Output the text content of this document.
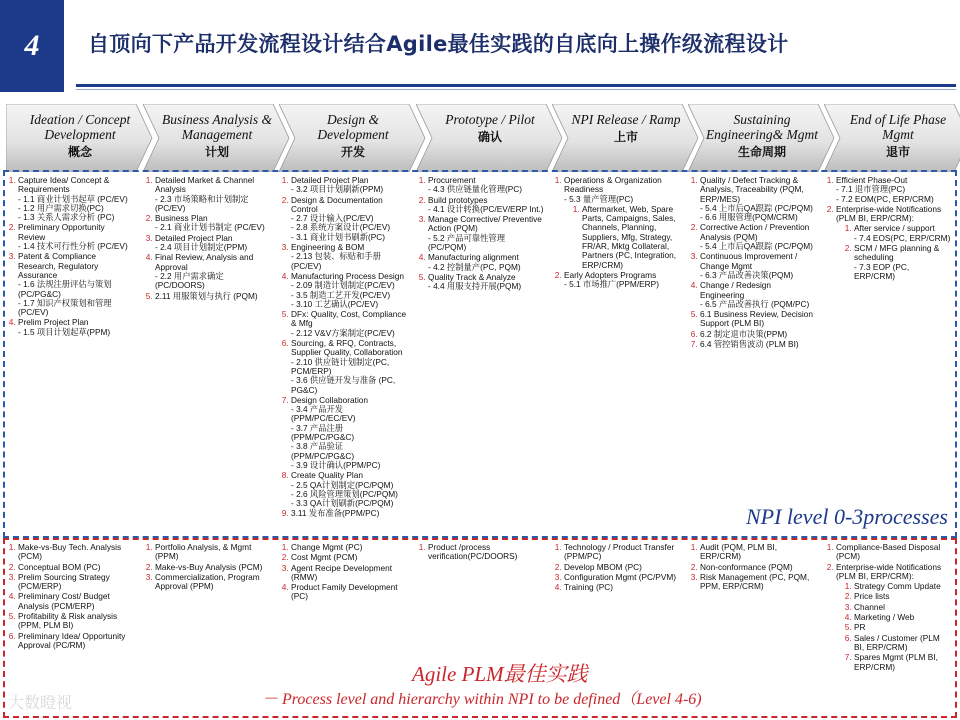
4	自顶向下产品开发流程设计结合Agile最佳实践的自底向上操作级流程设计
Ideation / Concept Development
概念
Business Analysis & Management
计划
Design & Development
开发
Prototype / Pilot
确认
NPI Release / Ramp
上市
Sustaining Engineering& Mgmt
生命周期
End of Life Phase Mgmt
退市
1. Capture Idea/ Concept & Requirements
- 1.1 商业计划书起草 (PC/EV)
- 1.2 用户需求切换(PC)
- 1.3 关系人需求分析 (PC)
2. Preliminary Opportunity Review
- 1.4 技术可行性分析 (PC/EV)
3. Patent & Compliance Research, Regulatory Assurance
- 1.6 法规注册评估与策划 (PC/PG&C)
- 1.7 知识产权策划和管理 (PC/EV)
4. Prelim Project Plan
- 1.5 项目计划起草(PPM)
1. Detailed Market & Channel Analysis
- 2.3 市场策略和计划制定 (PC/EV)
2. Business Plan
- 2.1 商业计划书制定 (PC/EV)
3. Detailed Project Plan
- 2.4 项目计划制定(PPM)
4. Final Review, Analysis and Approval
- 2.2 用户需求确定 (PC/DOORS)
5. 2.11 用服策划与执行 (PQM)
1. Detailed Project Plan
- 3.2 项目计划刷新(PPM)
2. Design & Documentation Control
- 2.7 设计输入(PC/EV)
- 2.8 系统方案设计(PC/EV)
- 3.1 商业计划书刷新(PC)
3. Engineering & BOM
- 2.13 包装、标贴和手册 (PC/EV)
4. Manufacturing Process Design
- 2.09 制造计划制定(PC/EV)
- 3.5 制造工艺开发(PC/EV)
- 3.10 工艺确认(PC/EV)
5. DFx: Quality, Cost, Compliance & Mfg
- 2.12 V&V方案制定(PC/EV)
6. Sourcing, & RFQ, Contracts, Supplier Quality, Collaboration
- 2.10 供应链计划制定(PC, PCM/ERP)
- 3.6 供应链开发与准备 (PC, PG&C)
7. Design Collaboration
- 3.4 产品开发 (PPM/PC/EC/EV)
- 3.7 产品注册 (PPM/PC/PG&C)
- 3.8 产品验证 (PPM/PC/PG&C)
- 3.9 设计确认(PPM/PC)
8. Create Quality Plan
- 2.5 QA计划制定(PC/PQM)
- 2.6 风险管理策划(PC/PQM)
- 3.3 QA计划刷新(PC/PQM)
9. 3.11 发布准备(PPM/PC)
1. Procurement
- 4.3 供应链量化管理(PC)
2. Build prototypes
- 4.1 设计转换(PC/EV/ERP Int.)
3. Manage Corrective/ Preventive Action (PQM)
- 5.2 产品可靠性管理 (PC/PQM)
4. Manufacturing alignment
- 4.2 控制量产(PC, PQM)
5. Quality Track & Analyze
- 4.4 用服支持开展(PQM)
1. Operations & Organization Readiness
- 5.3 量产管理(PC)
1. Aftermarket, Web, Spare Parts, Campaigns, Sales, Channels, Planning, Suppliers, Mfg, Strategy, FR/AR, Mktg Collateral, Partners (PC, Integration, ERP/CRM)
2. Early Adopters Programs
- 5.1 市场推广(PPM/ERP)
1. Quality / Defect Tracking & Analysis, Traceability (PQM, ERP/MES)
- 5.4 上市后QA跟踪 (PC/PQM)
- 6.6 用服管理(PQM/CRM)
2. Corrective Action / Prevention Analysis (PQM)
- 5.4 上市后QA跟踪 (PC/PQM)
3. Continuous Improvement / Change Mgmt
- 6.3 产品改善决策(PQM)
4. Change / Redesign Engineering
- 6.5 产品改善执行 (PQM/PC)
5. 6.1 Business Review, Decision Support (PLM BI)
6. 6.2 制定退市决策(PPM)
7. 6.4 管控销售波动 (PLM BI)
1. Efficient Phase-Out
- 7.1 退市管理(PC)
- 7.2 EOM(PC, ERP/CRM)
2. Enterprise-wide Notifications (PLM BI, ERP/CRM):
1. After service / support
- 7.4 EOS(PC, ERP/CRM)
2. SCM / MFG planning & scheduling
- 7.3 EOP (PC, ERP/CRM)
1. Make-vs-Buy Tech. Analysis (PCM)
2. Conceptual BOM (PC)
3. Prelim Sourcing Strategy (PCM/ERP)
4. Preliminary Cost/ Budget Analysis (PCM/ERP)
5. Profitability & Risk analysis (PPM, PLM BI)
6. Preliminary Idea/ Opportunity Approval (PC/RM)
1. Portfolio Analysis, & Mgmt (PPM)
2. Make-vs-Buy Analysis (PCM)
3. Commercialization, Program Approval (PPM)
1. Change Mgmt (PC)
2. Cost Mgmt (PCM)
3. Agent Recipe Development (RMW)
4. Product Family Development (PC)
1. Product /process verification(PC/DOORS)
1. Technology / Product Transfer (PPM/PC)
2. Develop MBOM (PC)
3. Configuration Mgmt (PC/PVM)
4. Training (PC)
1. Audit (PQM, PLM BI, ERP/CRM)
2. Non-conformance (PQM)
3. Risk Management (PC, PQM, PPM, ERP/CRM)
1. Compliance-Based Disposal (PCM)
2. Enterprise-wide Notifications (PLM BI, ERP/CRM):
1. Strategy Comm Update
2. Price lists
3. Channel
4. Marketing / Web
5. PR
6. Sales / Customer (PLM BI, ERP/CRM)
7. Spares Mgmt (PLM BI, ERP/CRM)
NPI level 0-3processes
Agile PLM最佳实践
－ Process level and hierarchy within NPI to be defined（Level 4-6)
大数瞪视
